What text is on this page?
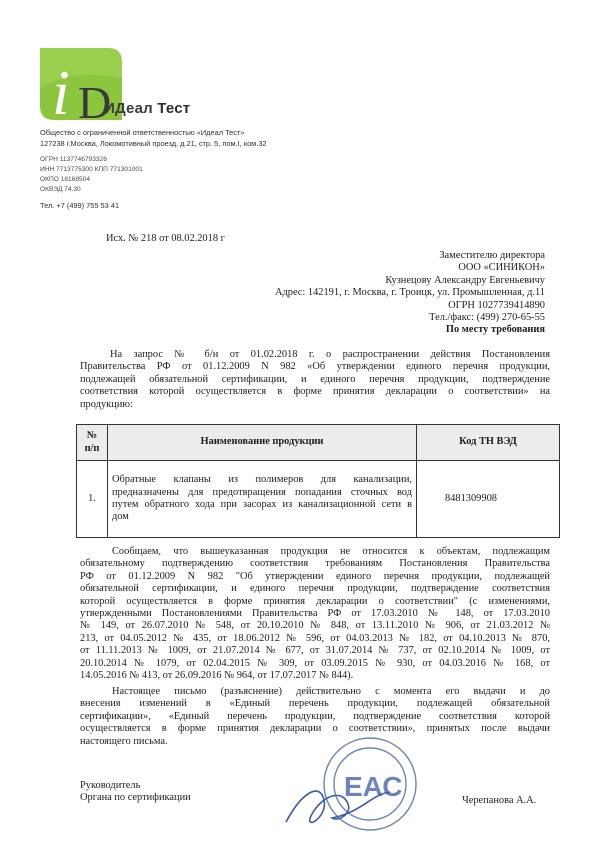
i D
ИДеал Тест
Общество с ограниченной ответственностью «Идеал Тест»
127238 г.Москва, Локомотивный проезд, д.21, стр. 5, пом.I, ком.32
ОГРН 1137746793326
ИНН 7713775300 КПП 771301001
ОКПО 18168504
ОКВЭД 74.30
Тел. +7 (499) 755 53 41
Исх. № 218 от 08.02.2018 г
Заместителю директора
ООО «СИНИКОН»
Кузнецову Александру Евгеньевичу
Адрес: 142191, г. Москва, г. Троицк, ул. Промышленная, д.11
ОГРН 1027739414890
Тел./факс: (499) 270-65-55
По месту требования
На запрос № б/н от 01.02.2018 г. о распространении действия Постановления
Правительства РФ от 01.12.2009 N 982 «Об утверждении единого перечня продукции,
подлежащей обязательной сертификации, и единого перечня продукции, подтверждение
соответствия которой осуществляется в форме принятия декларации о соответствии» на
продукцию:
№
п/п	Наименование продукции	Код ТН ВЭД
1.	Обратные клапаны из полимеров для канализации,
предназначены для предотвращения попадания сточных вод
путем обратного хода при засорах из канализационной сети в
дом	8481309908
Сообщаем, что вышеуказанная продукция не относится к объектам, подлежащим
обязательному подтверждению соответствия требованиям Постановления Правительства
РФ от 01.12.2009 N 982 "Об утверждении единого перечня продукции, подлежащей
обязательной сертификации, и единого перечня продукции, подтверждение соответствия
которой осуществляется в форме принятия декларации о соответствии" (с изменениями,
утвержденными Постановлениями Правительства РФ от 17.03.2010 № 148, от 17.03.2010
№ 149, от 26.07.2010 № 548, от 20.10.2010 № 848, от 13.11.2010 № 906, от 21.03.2012 №
213, от 04.05.2012 № 435, от 18.06.2012 № 596, от 04.03.2013 № 182, от 04.10.2013 № 870,
от 11.11.2013 № 1009, от 21.07.2014 № 677, от 31.07.2014 № 737, от 02.10.2014 № 1009, от
20.10.2014 № 1079, от 02.04.2015 № 309, от 03.09.2015 № 930, от 04.03.2016 № 168, от
14.05.2016 № 413, от 26.09.2016 № 964, от 17.07.2017 № 844).
Настоящее письмо (разъяснение) действительно с момента его выдачи и до
внесения изменений в «Единый перечень продукции, подлежащей обязательной
сертификации», «Единый перечень продукции, подтверждение соответствия которой
осуществляется в форме принятия декларации о соответствии», принятых после выдачи
настоящего письма.
ЕАС
Руководитель
Органа по сертификации	Черепанова А.А.
